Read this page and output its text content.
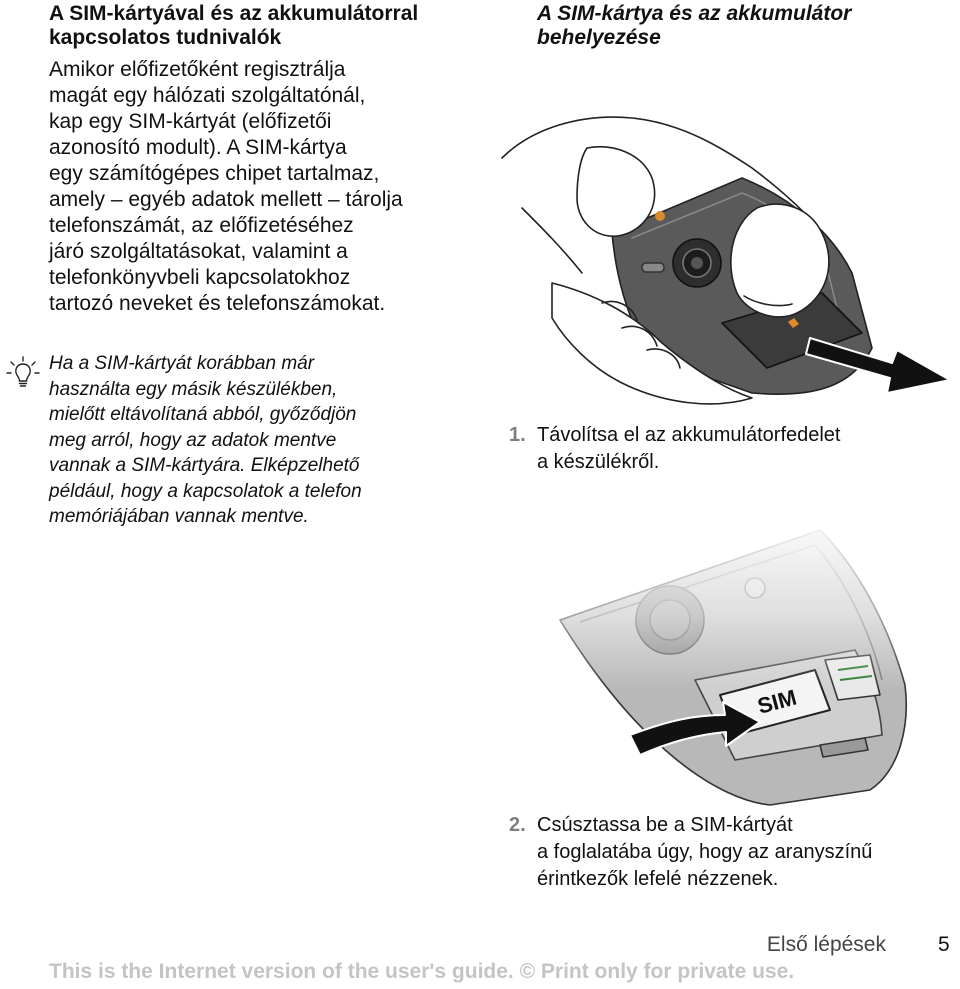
A SIM-kártyával és az akkumulátorral
kapcsolatos tudnivalók
Amikor előfizetőként regisztrálja
magát egy hálózati szolgáltatónál,
kap egy SIM-kártyát (előfizetői
azonosító modult). A SIM-kártya
egy számítógépes chipet tartalmaz,
amely – egyéb adatok mellett – tárolja
telefonszámát, az előfizetéséhez
járó szolgáltatásokat, valamint a
telefonkönyvbeli kapcsolatokhoz
tartozó neveket és telefonszámokat.
Ha a SIM-kártyát korábban már
használta egy másik készülékben,
mielőtt eltávolítaná abból, győződjön
meg arról, hogy az adatok mentve
vannak a SIM-kártyára. Elképzelhető
például, hogy a kapcsolatok a telefon
memóriájában vannak mentve.
A SIM-kártya és az akkumulátor
behelyezése
1. Távolítsa el az akkumulátorfedelet
a készülékről.
2. Csúsztassa be a SIM-kártyát
a foglalatába úgy, hogy az aranyszínű
érintkezők lefelé nézzenek.
Első lépések 5
This is the Internet version of the user's guide. © Print only for private use.
